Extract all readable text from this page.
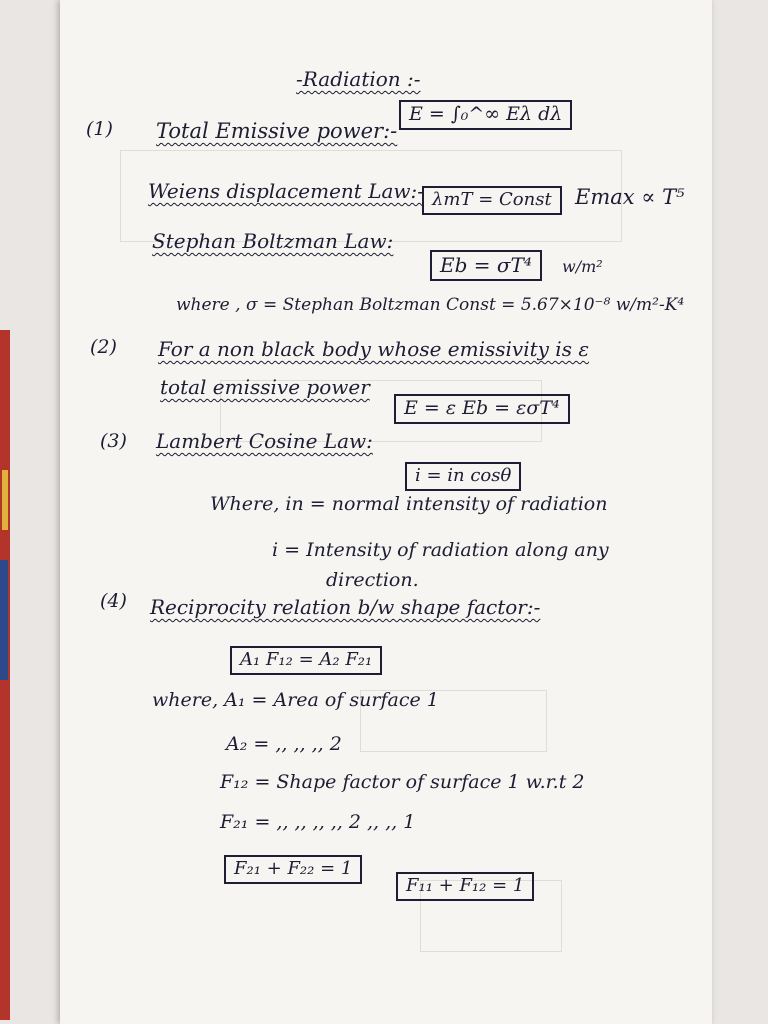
-Radiation :-
(1) Total Emissive power:-
E = ∫₀^∞ Eλ dλ
Weiens displacement Law:- λmT = Const	Emax ∝ T⁵
Stephan Boltzman Law:
Eb = σT⁴	w/m²
where , σ = Stephan Boltzman Const = 5.67×10⁻⁸ w/m²-K⁴
(2) For a non black body whose emissivity is ε
total emissive power
E = ε Eb = εσT⁴
(3) Lambert Cosine Law:
i = in cosθ
Where, in = normal intensity of radiation
i = Intensity of radiation along any
direction.
(4) Reciprocity relation b/w shape factor:-
A₁ F₁₂ = A₂ F₂₁
where, A₁ = Area of surface 1
A₂ = ,, ,, ,, 2
F₁₂ = Shape factor of surface 1 w.r.t 2
F₂₁ = ,, ,, ,, ,, 2 ,, ,, 1
F₂₁ + F₂₂ = 1
F₁₁ + F₁₂ = 1
